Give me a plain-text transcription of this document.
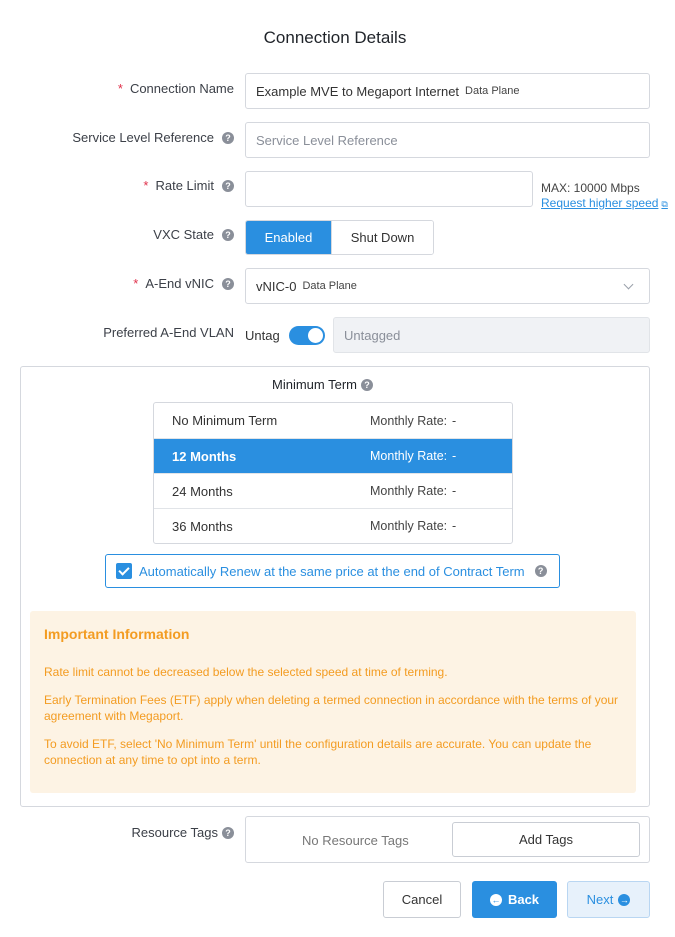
Connection Details
* Connection Name Example MVE to Megaport Internet Data Plane
Service Level Reference	? Service Level Reference
* Rate Limit	?	MAX: 10000 Mbps
Request higher speed ⧉
VXC State	?	Enabled	Shut Down
* A-End vNIC	? vNIC-0 Data Plane
Preferred A-End VLAN Untag	Untagged
Minimum Term ?
No Minimum Term	Monthly Rate: -
12 Months	Monthly Rate: -
24 Months	Monthly Rate: -
36 Months	Monthly Rate: -
Automatically Renew at the same price at the end of Contract Term	?
Important Information

Rate limit cannot be decreased below the selected speed at time of terming.

Early Termination Fees (ETF) apply when deleting a termed connection in accordance with the terms of your agreement with Megaport.

To avoid ETF, select 'No Minimum Term' until the configuration details are accurate. You can update the connection at any time to opt into a term.

Resource Tags ?
No Resource Tags	Add Tags
Cancel	← Back	Next →
